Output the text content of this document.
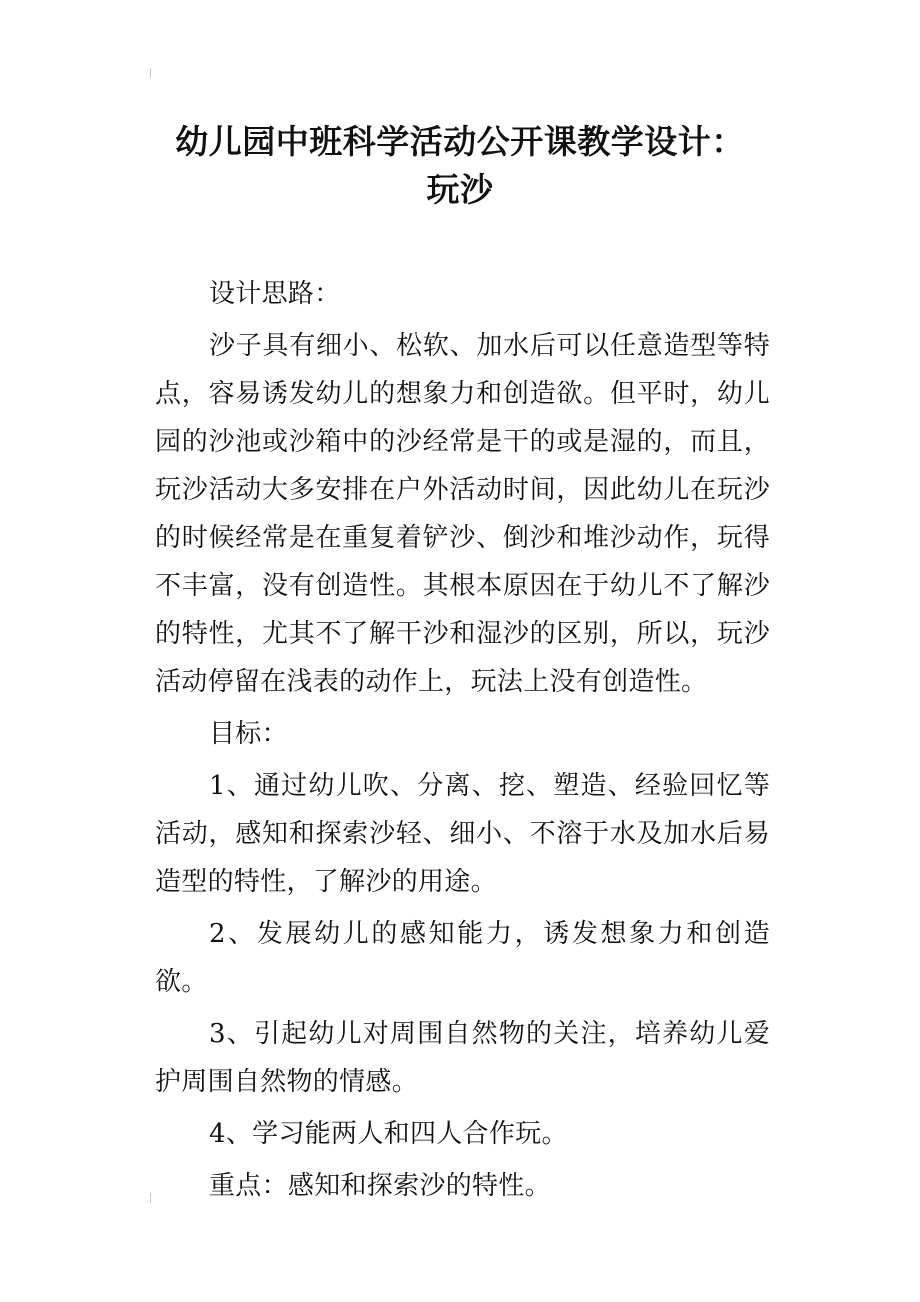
幼儿园中班科学活动公开课教学设计：
玩沙

设计思路：

沙子具有细小、松软、加水后可以任意造型等特点，容易诱发幼儿的想象力和创造欲。但平时，幼儿园的沙池或沙箱中的沙经常是干的或是湿的，而且，玩沙活动大多安排在户外活动时间，因此幼儿在玩沙的时候经常是在重复着铲沙、倒沙和堆沙动作，玩得不丰富，没有创造性。其根本原因在于幼儿不了解沙的特性，尤其不了解干沙和湿沙的区别，所以，玩沙活动停留在浅表的动作上，玩法上没有创造性。

目标：

1、通过幼儿吹、分离、挖、塑造、经验回忆等活动，感知和探索沙轻、细小、不溶于水及加水后易造型的特性，了解沙的用途。

2、发展幼儿的感知能力，诱发想象力和创造欲。

3、引起幼儿对周围自然物的关注，培养幼儿爱护周围自然物的情感。

4、学习能两人和四人合作玩。

重点：感知和探索沙的特性。
